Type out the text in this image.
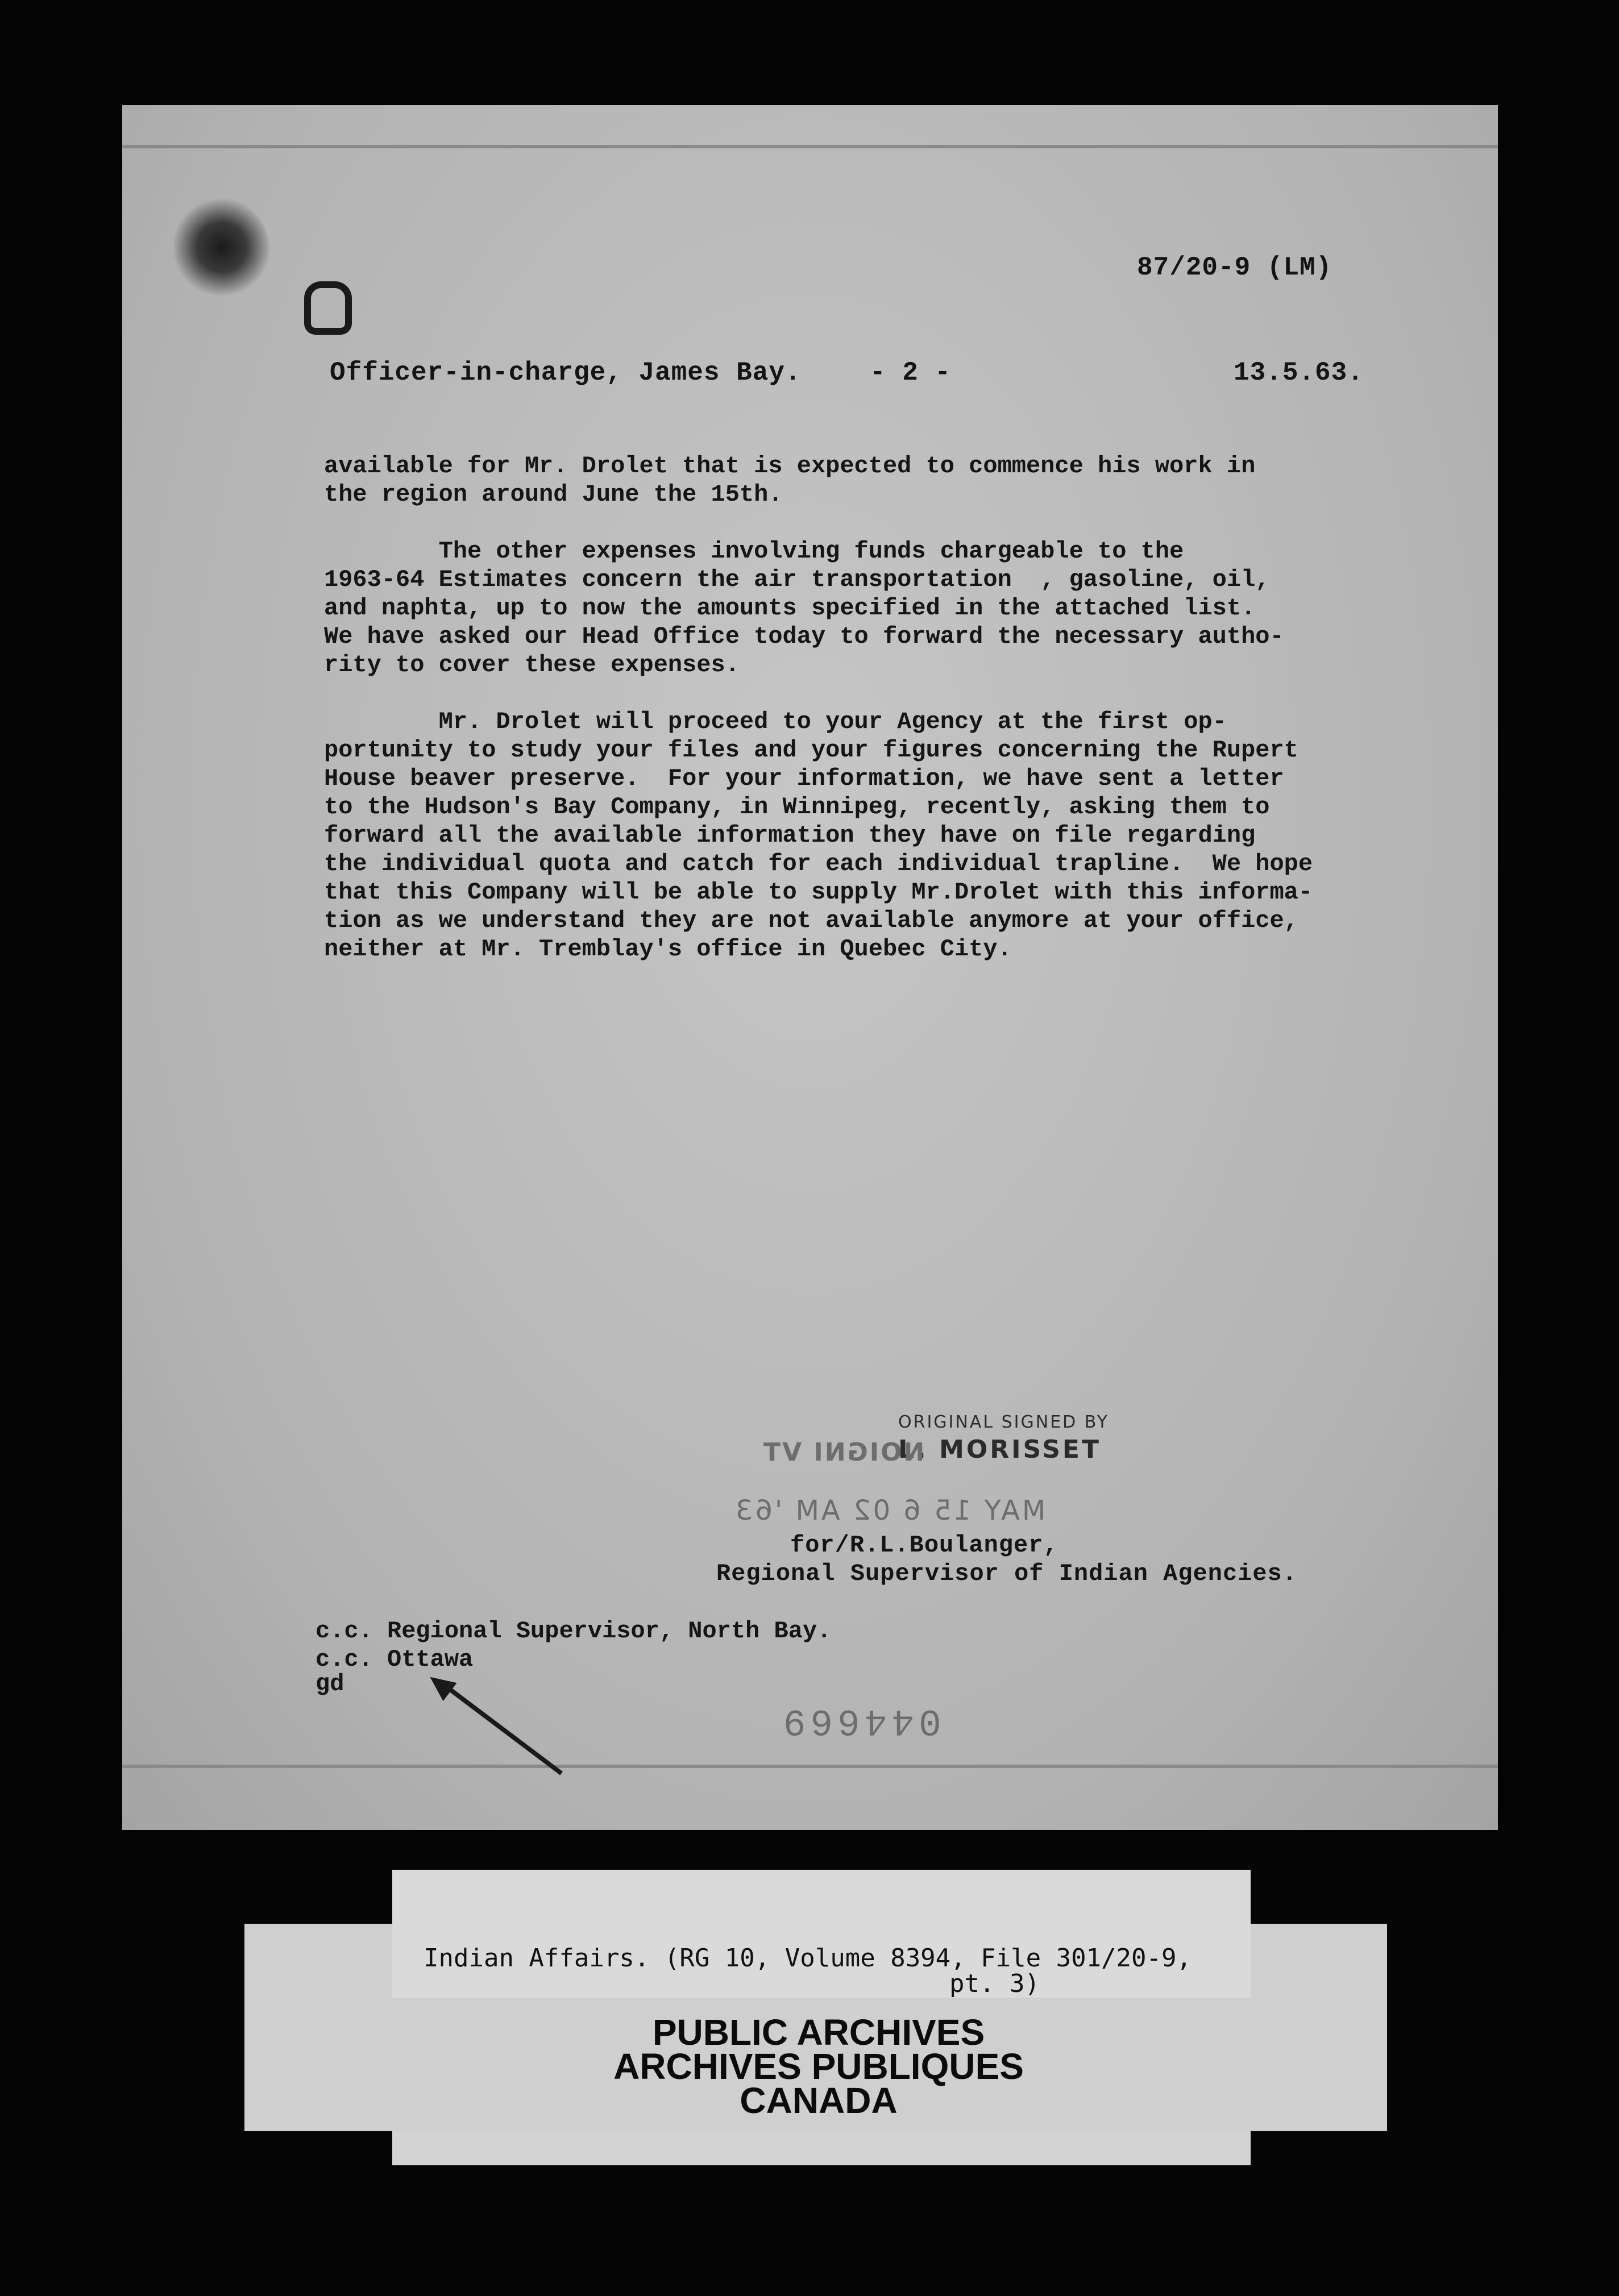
87/20-9 (LM)
Officer-in-charge, James Bay.	- 2 -	13.5.63.
available for Mr. Drolet that is expected to commence his work in
the region around June the 15th.
The other expenses involving funds chargeable to the
1963-64 Estimates concern the air transportation  , gasoline, oil,
and naphta, up to now the amounts specified in the attached list.
We have asked our Head Office today to forward the necessary autho-
rity to cover these expenses.
Mr. Drolet will proceed to your Agency at the first op-
portunity to study your files and your figures concerning the Rupert
House beaver preserve.  For your information, we have sent a letter
to the Hudson's Bay Company, in Winnipeg, recently, asking them to
forward all the available information they have on file regarding
the individual quota and catch for each individual trapline.  We hope
that this Company will be able to supply Mr.Drolet with this informa-
tion as we understand they are not available anymore at your office,
neither at Mr. Tremblay's office in Quebec City.
ORIGINAL SIGNED BY
L. MORISSET
NOIGNI VT
MAY 15 6 02 AM '63
for/R.L.Boulanger,
Regional Supervisor of Indian Agencies.
c.c. Regional Supervisor, North Bay.
c.c. Ottawa
gd
044669
Indian Affairs. (RG 10, Volume 8394, File 301/20-9,
pt. 3)
PUBLIC ARCHIVES
ARCHIVES PUBLIQUES
CANADA
